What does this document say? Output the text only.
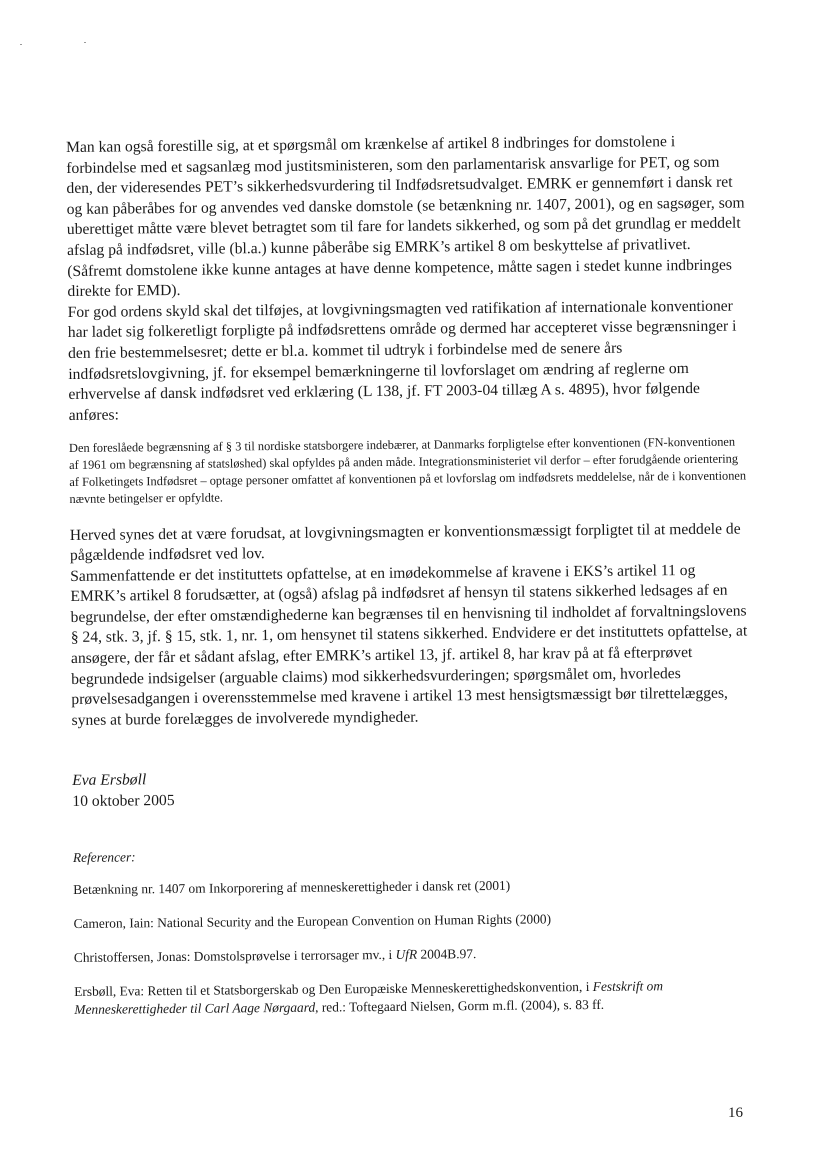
Man kan også forestille sig, at et spørgsmål om krænkelse af artikel 8 indbringes for domstolene i forbindelse med et sagsanlæg mod justitsministeren, som den parlamentarisk ansvarlige for PET, og som den, der videresendes PET’s sikkerhedsvurdering til Indfødsretsudvalget. EMRK er gennemført i dansk ret og kan påberåbes for og anvendes ved danske domstole (se betænkning nr. 1407, 2001), og en sagsøger, som uberettiget måtte være blevet betragtet som til fare for landets sikkerhed, og som på det grundlag er meddelt afslag på indfødsret, ville (bl.a.) kunne påberåbe sig EMRK’s artikel 8 om beskyttelse af privatlivet. (Såfremt domstolene ikke kunne antages at have denne kompetence, måtte sagen i stedet kunne indbringes direkte for EMD).

For god ordens skyld skal det tilføjes, at lovgivningsmagten ved ratifikation af internationale konventioner har ladet sig folkeretligt forpligte på indfødsrettens område og dermed har accepteret visse begrænsninger i den frie bestemmelsesret; dette er bl.a. kommet til udtryk i forbindelse med de senere års indfødsretslovgivning, jf. for eksempel bemærkningerne til lovforslaget om ændring af reglerne om erhvervelse af dansk indfødsret ved erklæring (L 138, jf. FT 2003-04 tillæg A s. 4895), hvor følgende anføres:

Den foreslåede begrænsning af § 3 til nordiske statsborgere indebærer, at Danmarks forpligtelse efter konventionen (FN-konventionen af 1961 om begrænsning af statsløshed) skal opfyldes på anden måde. Integrationsministeriet vil derfor – efter forudgående orientering af Folketingets Indfødsret – optage personer omfattet af konventionen på et lovforslag om indfødsrets meddelelse, når de i konventionen nævnte betingelser er opfyldte.

Herved synes det at være forudsat, at lovgivningsmagten er konventionsmæssigt forpligtet til at meddele de pågældende indfødsret ved lov.

Sammenfattende er det instituttets opfattelse, at en imødekommelse af kravene i EKS’s artikel 11 og EMRK’s artikel 8 forudsætter, at (også) afslag på indfødsret af hensyn til statens sikkerhed ledsages af en begrundelse, der efter omstændighederne kan begrænses til en henvisning til indholdet af forvaltningslovens § 24, stk. 3, jf. § 15, stk. 1, nr. 1, om hensynet til statens sikkerhed. Endvidere er det instituttets opfattelse, at ansøgere, der får et sådant afslag, efter EMRK’s artikel 13, jf. artikel 8, har krav på at få efterprøvet begrundede indsigelser (arguable claims) mod sikkerhedsvurderingen; spørgsmålet om, hvorledes prøvelsesadgangen i overensstemmelse med kravene i artikel 13 mest hensigtsmæssigt bør tilrettelægges, synes at burde forelægges de involverede myndigheder.

Eva Ersbøll
10 oktober 2005
Referencer:
Betænkning nr. 1407 om Inkorporering af menneskerettigheder i dansk ret (2001)
Cameron, Iain: National Security and the European Convention on Human Rights (2000)
Christoffersen, Jonas: Domstolsprøvelse i terrorsager mv., i UfR 2004B.97.
Ersbøll, Eva: Retten til et Statsborgerskab og Den Europæiske Menneskerettighedskonvention, i Festskrift om Menneskerettigheder til Carl Aage Nørgaard, red.: Toftegaard Nielsen, Gorm m.fl. (2004), s. 83 ff.
16
